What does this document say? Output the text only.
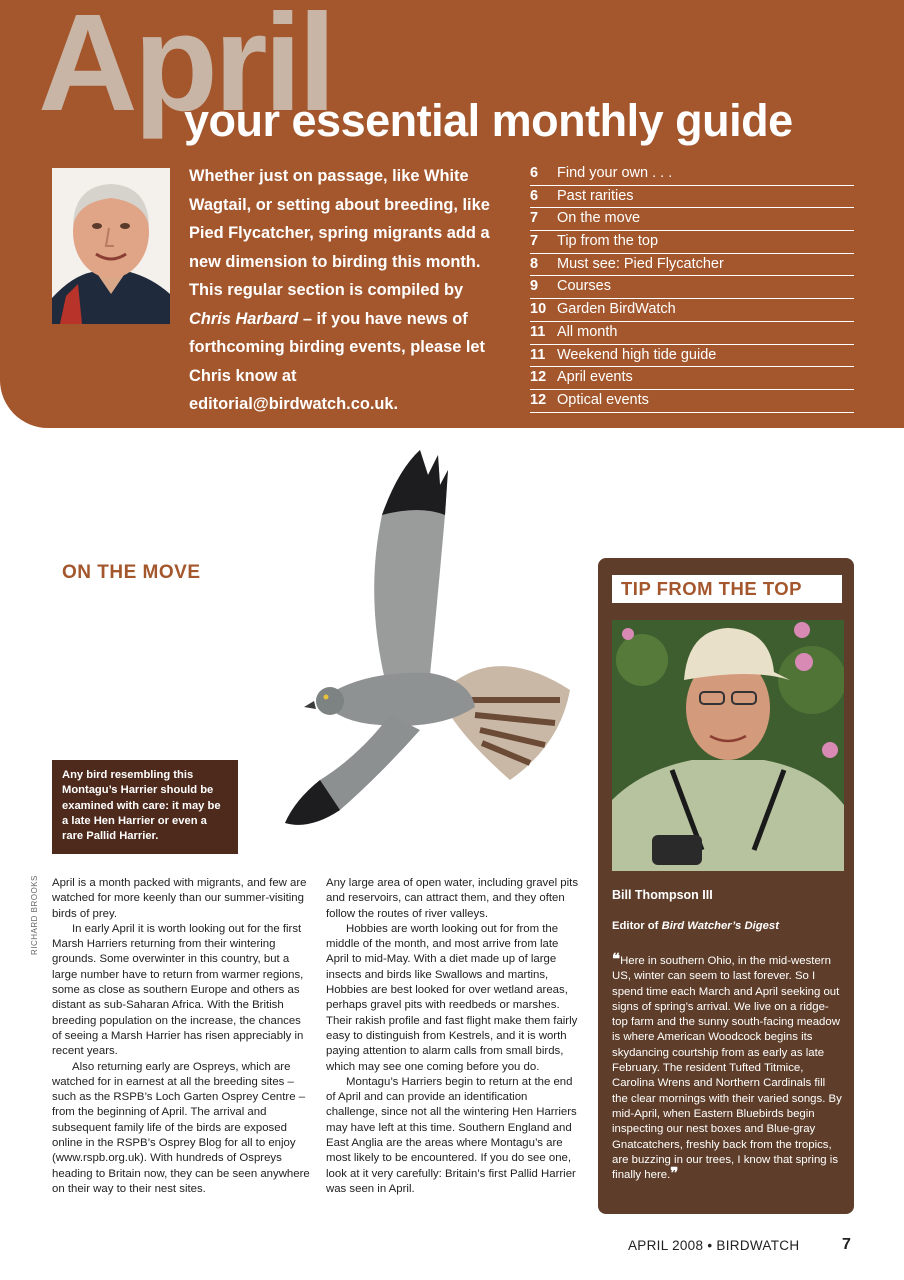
April
your essential monthly guide

Whether just on passage, like White Wagtail, or setting about breeding, like Pied Flycatcher, spring migrants add a new dimension to birding this month. This regular section is compiled by Chris Harbard – if you have news of forthcoming birding events, please let Chris know at editorial@birdwatch.co.uk.

6	Find your own . . .
6	Past rarities
7	On the move
7	Tip from the top
8	Must see: Pied Flycatcher
9	Courses
10 Garden BirdWatch
11 All month
11 Weekend high tide guide
12 April events
12 Optical events
ON THE MOVE
Raptors’
return
Any bird resembling this Montagu’s Harrier should be examined with care: it may be a late Hen Harrier or even a rare Pallid Harrier.
RICHARD BROOKS April is a month packed with migrants, and few are watched for more keenly than our summer-visiting birds of prey.

In early April it is worth looking out for the first Marsh Harriers returning from their wintering grounds. Some overwinter in this country, but a large number have to return from warmer regions, some as close as southern Europe and others as distant as sub-Saharan Africa. With the British breeding population on the increase, the chances of seeing a Marsh Harrier has risen appreciably in recent years.

Also returning early are Ospreys, which are watched for in earnest at all the breeding sites – such as the RSPB’s Loch Garten Osprey Centre – from the beginning of April. The arrival and subsequent family life of the birds are exposed online in the RSPB’s Osprey Blog for all to enjoy (www.rspb.org.uk). With hundreds of Ospreys heading to Britain now, they can be seen anywhere on their way to their nest sites.

Any large area of open water, including gravel pits and reservoirs, can attract them, and they often follow the routes of river valleys.

Hobbies are worth looking out for from the middle of the month, and most arrive from late April to mid-May. With a diet made up of large insects and birds like Swallows and martins, Hobbies are best looked for over wetland areas, perhaps gravel pits with reedbeds or marshes. Their rakish profile and fast flight make them fairly easy to distinguish from Kestrels, and it is worth paying attention to alarm calls from small birds, which may see one coming before you do.

Montagu’s Harriers begin to return at the end of April and can provide an identification challenge, since not all the wintering Hen Harriers may have left at this time. Southern England and East Anglia are the areas where Montagu’s are most likely to be encountered. If you do see one, look at it very carefully: Britain’s first Pallid Harrier was seen in April.

TIP FROM THE TOP
Bill Thompson III
Editor of Bird Watcher’s Digest

❝Here in southern Ohio, in the mid-western US, winter can seem to last forever. So I spend time each March and April seeking out signs of spring’s arrival. We live on a ridge-top farm and the sunny south-facing meadow is where American Woodcock begins its skydancing courtship from as early as late February. The resident Tufted Titmice, Carolina Wrens and Northern Cardinals fill the clear mornings with their varied songs. By mid-April, when Eastern Bluebirds begin inspecting our nest boxes and Blue-gray Gnatcatchers, freshly back from the tropics, are buzzing in our trees, I know that spring is finally here.❞

APRIL 2008 • BIRDWATCH	7
